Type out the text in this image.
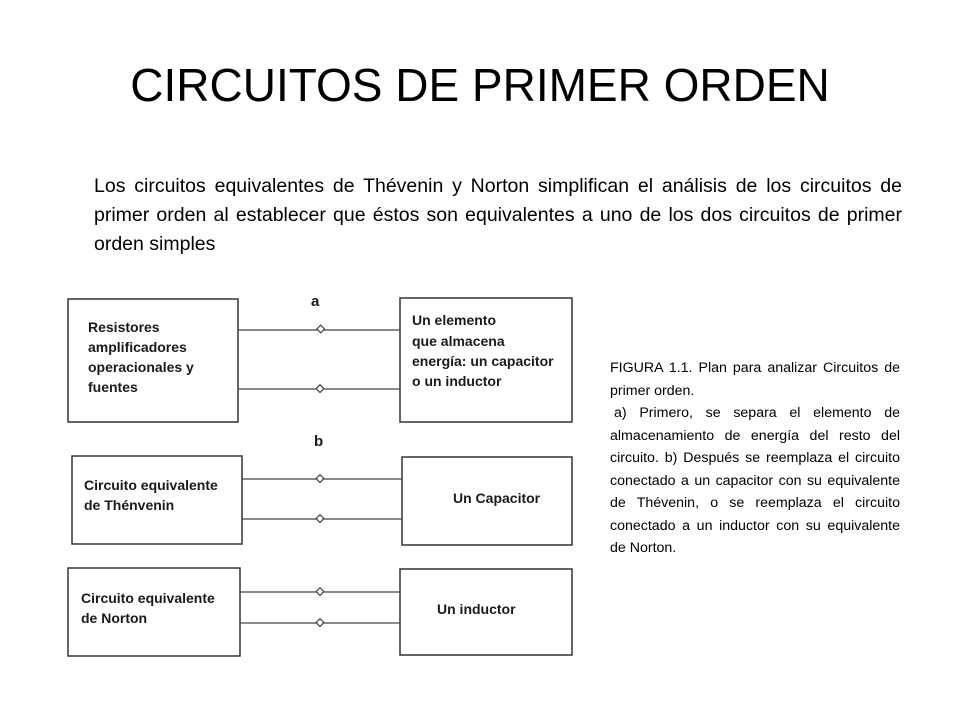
CIRCUITOS DE PRIMER ORDEN
Los circuitos equivalentes de Thévenin y Norton simplifican el análisis de los circuitos de primer orden al establecer que éstos son equivalentes a uno de los dos circuitos de primer orden simples
a
Resistores
amplificadores
operacionales y
fuentes
Un elemento
que almacena
energía: un capacitor
o un inductor
b
Circuito equivalente
de Thénvenin	Un Capacitor
Circuito equivalente
de Norton
Un inductor

FIGURA 1.1. Plan para analizar Circuitos de primer orden.

a) Primero, se separa el elemento de almacenamiento de energía del resto del circuito. b) Después se reemplaza el circuito conectado a un capacitor con su equivalente de Thévenin, o se reemplaza el circuito conectado a un inductor con su equivalente de Norton.
